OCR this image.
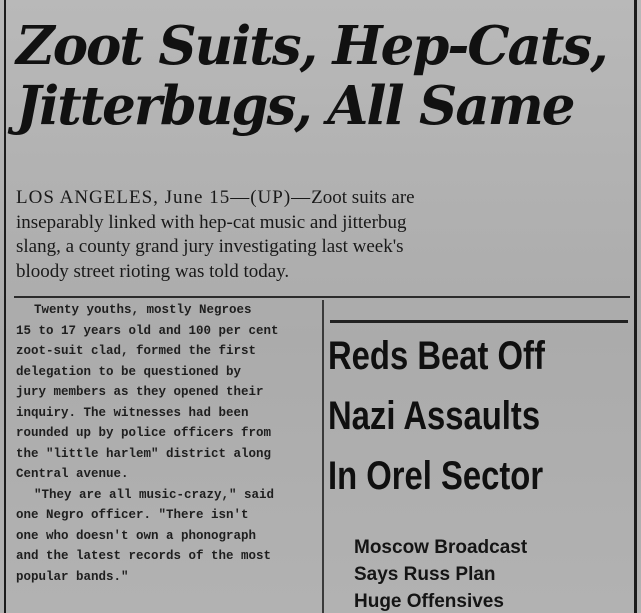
Zoot Suits, Hep-Cats,
Jitterbugs, All Same
LOS ANGELES, June 15—(UP)—Zoot suits are
inseparably linked with hep-cat music and jitterbug
slang, a county grand jury investigating last week's
bloody street rioting was told today.

Twenty youths, mostly Negroes
15 to 17 years old and 100 per cent
zoot-suit clad, formed the first
delegation to be questioned by
jury members as they opened their
inquiry. The witnesses had been
rounded up by police officers from
the "little harlem" district along
Central avenue.

"They are all music-crazy," said
one Negro officer. "There isn't
one who doesn't own a phonograph
and the latest records of the most
popular bands."

Reds Beat Off
Nazi Assaults
In Orel Sector
Moscow Broadcast
Says Russ Plan
Huge Offensives
